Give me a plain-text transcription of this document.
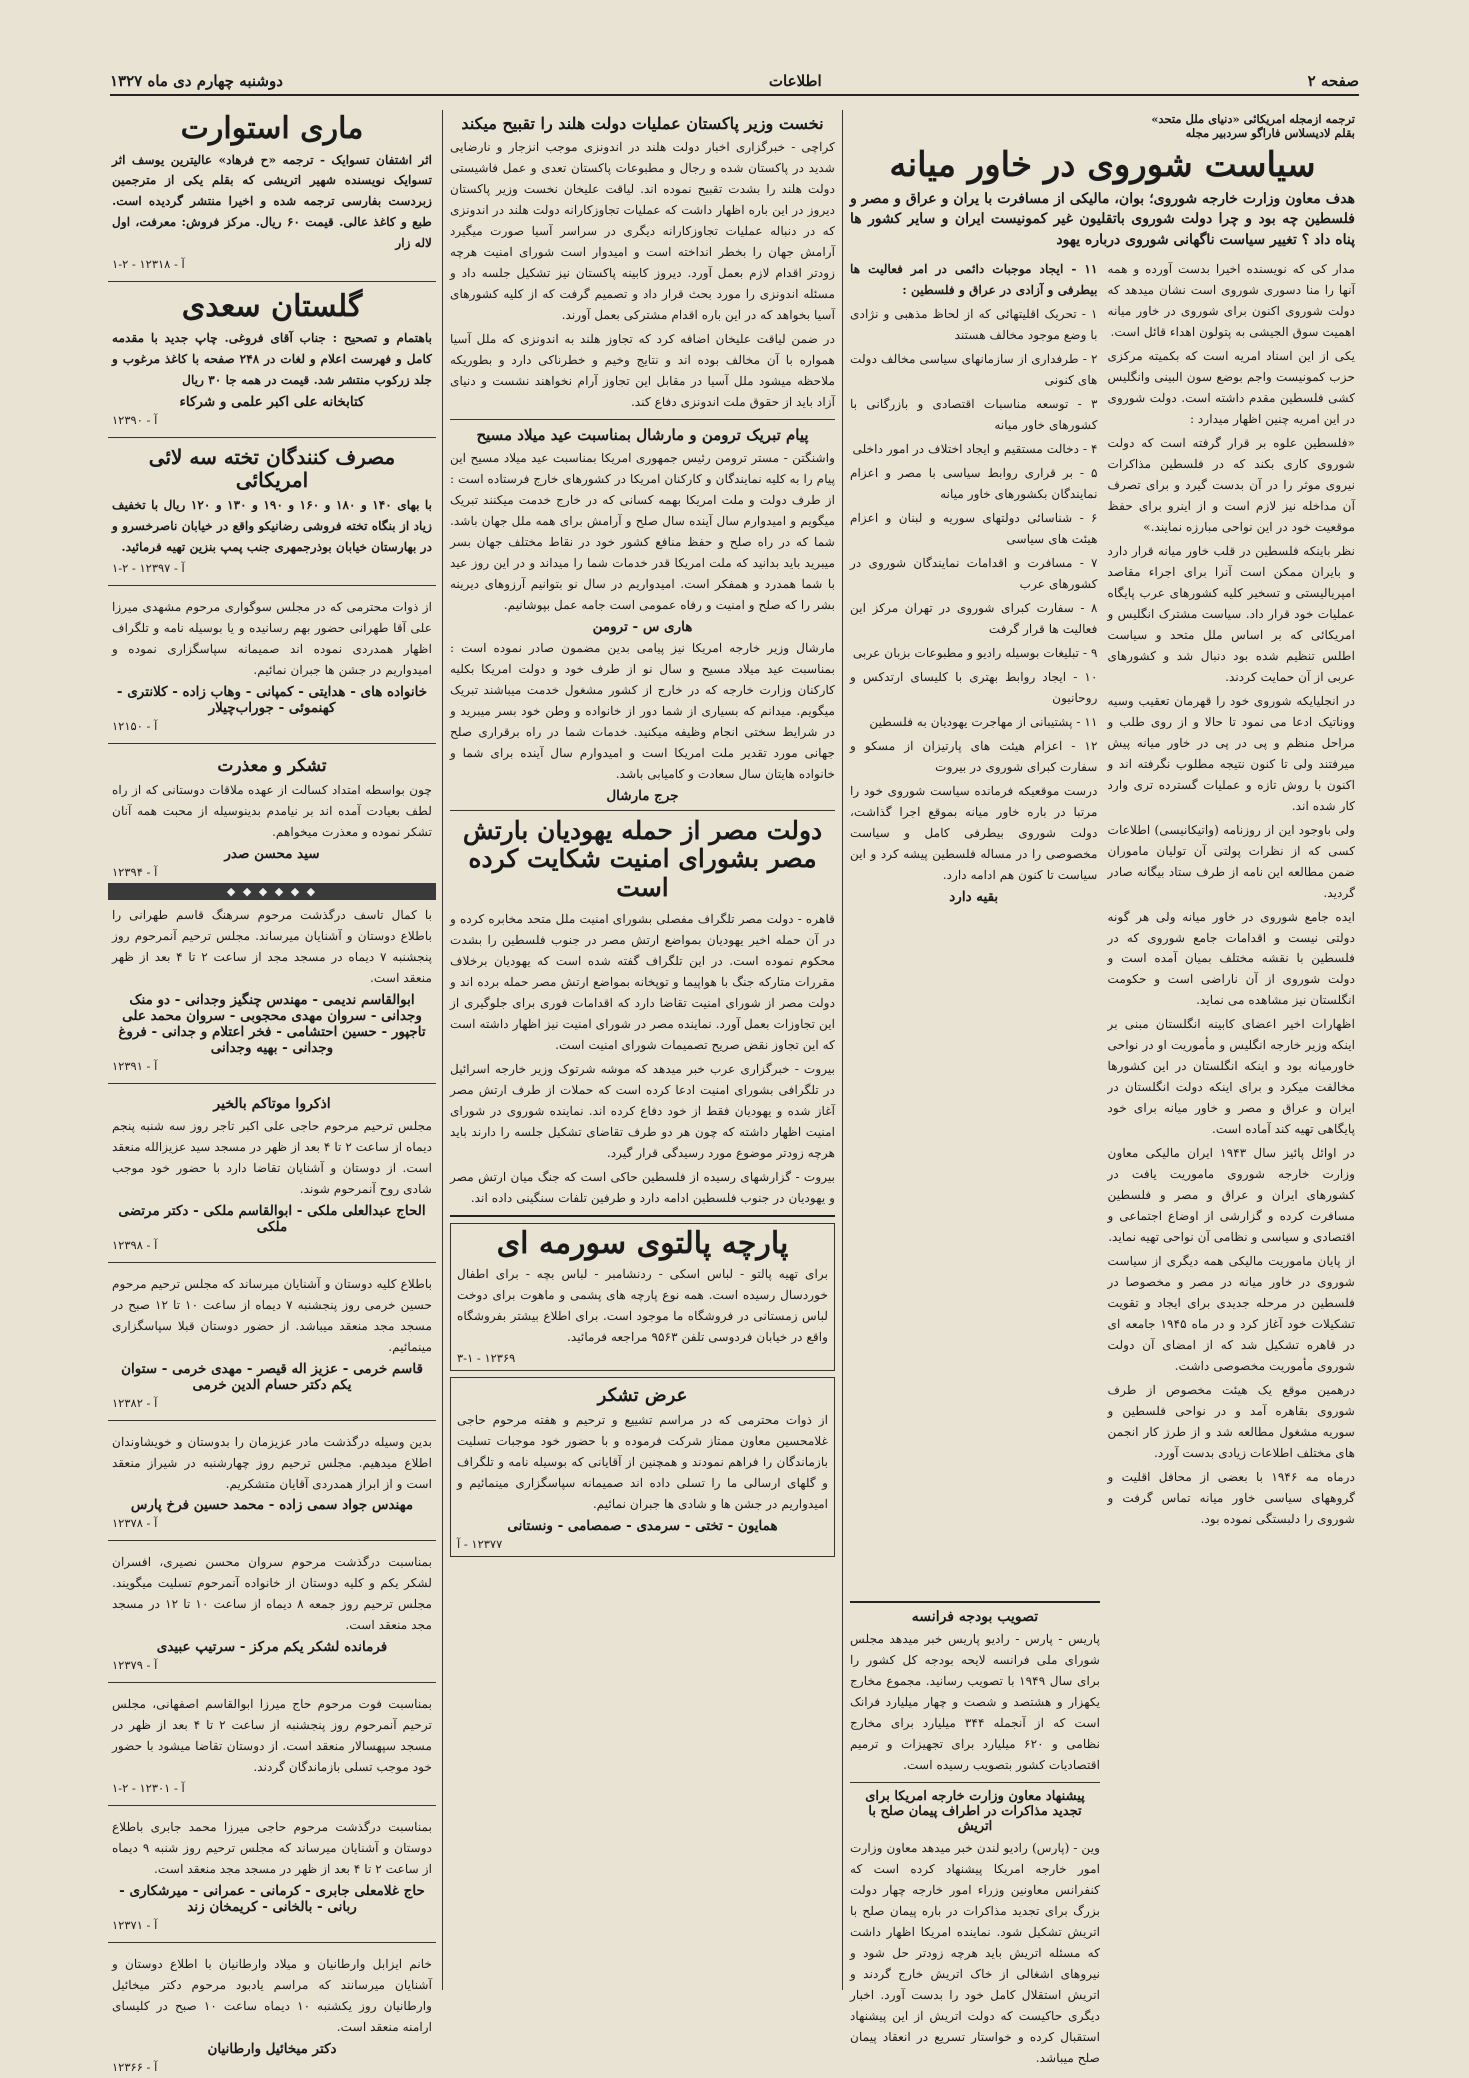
صفحه ۲
اطلاعات
دوشنبه چهارم دی ماه ۱۳۲۷
ترجمه ازمجله امریکائی «دنیای ملل متحد»
بقلم لادیسلاس فاراگو سردبیر مجله
سیاست شوروی در خاور میانه
هدف معاون وزارت خارجه شوروی؛ بوان، مالیکی از مسافرت با یران و عراق و مصر و فلسطین چه بود و چرا دولت شوروی باتقلیون غیر کمونیست ایران و سایر کشور ها پناه داد ؟ تغییر سیاست ناگهانی شوروی درباره یهود

مدار کی که نویسنده اخیرا بدست آورده و همه آنها را منا دسوری شوروی است نشان میدهد که دولت شوروی اکنون برای شوروی در خاور میانه اهمیت سوق الجیشی به پتولون اهداء قائل است.

یکی از این اسناد امریه است که بکمیته مرکزی حزب کمونیست واجم بوضع سون البینی وانگلیس کشی فلسطین مقدم داشته است. دولت شوروی در این امریه چنین اظهار میدارد :

«فلسطین علوه بر قرار گرفته است که دولت شوروی کاری بکند که در فلسطین مذاکرات نیروی موثر را در آن بدست گیرد و برای تصرف آن مداخله نیز لازم است و از اینرو برای حفظ موقعیت خود در این نواحی مبارزه نمایند.»

نظر باینکه فلسطین در قلب خاور میانه قرار دارد و بایران ممکن است آنرا برای اجراء مقاصد امپریالیستی و تسخیر کلیه کشورهای عرب پایگاه عملیات خود قرار داد. سیاست مشترک انگلیس و امریکائی که بر اساس ملل متحد و سیاست اطلس تنظیم شده بود دنبال شد و کشورهای عربی از آن حمایت کردند.

در انجلیایکه شوروی خود را قهرمان تعقیب وسیه ووناتیک ادعا می نمود تا حالا و از روی طلب و مراحل منظم و پی در پی در خاور میانه پیش میرفتند ولی تا کنون نتیجه مطلوب نگرفته اند و اکنون با روش تازه و عملیات گسترده تری وارد کار شده اند.

ولی باوجود این از روزنامه (واتیکانیسی) اطلاعات کسی که از نظرات پولتی آن تولیان ماموران ضمن مطالعه این نامه از طرف ستاد بیگانه صادر گردید.

ایده جامع شوروی در خاور میانه ولی هر گونه دولتی نیست و اقدامات جامع شوروی که در فلسطین با نقشه مختلف بمیان آمده است و دولت شوروی از آن ناراضی است و حکومت انگلستان نیز مشاهده می نماید.

اظهارات اخیر اعضای کابینه انگلستان مبنی بر اینکه وزیر خارجه انگلیس و مأموریت او در نواحی خاورمیانه بود و اینکه انگلستان در این کشورها مخالفت میکرد و برای اینکه دولت انگلستان در ایران و عراق و مصر و خاور میانه برای خود پایگاهی تهیه کند آماده است.

در اوائل پائیز سال ۱۹۴۳ ایران مالیکی معاون وزارت خارجه شوروی ماموریت یافت در کشورهای ایران و عراق و مصر و فلسطین مسافرت کرده و گزارشی از اوضاع اجتماعی و اقتصادی و سیاسی و نظامی آن نواحی تهیه نماید.

از پایان ماموریت مالیکی همه دیگری از سیاست شوروی در خاور میانه در مصر و مخصوصا در فلسطین در مرحله جدیدی برای ایجاد و تقویت تشکیلات خود آغاز کرد و در ماه ۱۹۴۵ جامعه ای در قاهره تشکیل شد که از امضای آن دولت شوروی مأموریت مخصوصی داشت.

درهمین موقع یک هیئت مخصوص از طرف شوروی بقاهره آمد و در نواحی فلسطین و سوریه مشغول مطالعه شد و از طرز کار انجمن های مختلف اطلاعات زیادی بدست آورد.

درماه مه ۱۹۴۶ با بعضی از محافل اقلیت و گروههای سیاسی خاور میانه تماس گرفت و شوروی را دلبستگی نموده بود.

۱۱ - ایجاد موجبات دائمی در امر فعالیت ها بیطرفی و آزادی در عراق و فلسطین :

۱ - تحریک اقلیتهائی که از لحاظ مذهبی و نژادی با وضع موجود مخالف هستند

۲ - طرفداری از سازمانهای سیاسی مخالف دولت های کنونی

۳ - توسعه مناسبات اقتصادی و بازرگانی با کشورهای خاور میانه

۴ - دخالت مستقیم و ایجاد اختلاف در امور داخلی

۵ - بر قراری روابط سیاسی با مصر و اعزام نمایندگان بکشورهای خاور میانه

۶ - شناسائی دولتهای سوریه و لبنان و اعزام هیئت های سیاسی

۷ - مسافرت و اقدامات نمایندگان شوروی در کشورهای عرب

۸ - سفارت کبرای شوروی در تهران مرکز این فعالیت ها قرار گرفت

۹ - تبلیغات بوسیله رادیو و مطبوعات بزبان عربی

۱۰ - ایجاد روابط بهتری با کلیسای ارتدکس و روحانیون

۱۱ - پشتیبانی از مهاجرت یهودیان به فلسطین

۱۲ - اعزام هیئت های پارتیزان از مسکو و سفارت کبرای شوروی در بیروت

درست موقعیکه فرمانده سیاست شوروی خود را مرتبا در باره خاور میانه بموقع اجرا گذاشت، دولت شوروی بیطرفی کامل و سیاست مخصوصی را در مساله فلسطین پیشه کرد و این سیاست تا کنون هم ادامه دارد.

بقیه دارد
تصویب بودجه فرانسه

پاریس - پارس - رادیو پاریس خبر میدهد مجلس شورای ملی فرانسه لایحه بودجه کل کشور را برای سال ۱۹۴۹ با تصویب رسانید. مجموع مخارج یکهزار و هشتصد و شصت و چهار میلیارد فرانک است که از آنجمله ۳۴۴ میلیارد برای مخارج نظامی و ۶۲۰ میلیارد برای تجهیزات و ترمیم اقتصادیات کشور بتصویب رسیده است.

پیشنهاد معاون وزارت خارجه امریکا برای تجدید مذاکرات در اطراف پیمان صلح با اتریش

وین - (پارس) رادیو لندن خبر میدهد معاون وزارت امور خارجه امریکا پیشنهاد کرده است که کنفرانس معاونین وزراء امور خارجه چهار دولت بزرگ برای تجدید مذاکرات در باره پیمان صلح با اتریش تشکیل شود. نماینده امریکا اظهار داشت که مسئله اتریش باید هرچه زودتر حل شود و نیروهای اشغالی از خاک اتریش خارج گردند و اتریش استقلال کامل خود را بدست آورد. اخبار دیگری حاکیست که دولت اتریش از این پیشنهاد استقبال کرده و خواستار تسریع در انعقاد پیمان صلح میباشد.

نخست وزیر پاکستان عملیات دولت هلند را تقبیح میکند

کراچی - خبرگزاری اخبار دولت هلند در اندونزی موجب انزجار و نارضایی شدید در پاکستان شده و رجال و مطبوعات پاکستان تعدی و عمل فاشیستی دولت هلند را بشدت تقبیح نموده اند. لیاقت علیخان نخست وزیر پاکستان دیروز در این باره اظهار داشت که عملیات تجاوزکارانه دولت هلند در اندونزی که در دنباله عملیات تجاوزکارانه دیگری در سراسر آسیا صورت میگیرد آرامش جهان را بخطر انداخته است و امیدوار است شورای امنیت هرچه زودتر اقدام لازم بعمل آورد. دیروز کابینه پاکستان نیز تشکیل جلسه داد و مسئله اندونزی را مورد بحث قرار داد و تصمیم گرفت که از کلیه کشورهای آسیا بخواهد که در این باره اقدام مشترکی بعمل آورند.

در ضمن لیاقت علیخان اضافه کرد که تجاوز هلند به اندونزی که ملل آسیا همواره با آن مخالف بوده اند و نتایج وخیم و خطرناکی دارد و بطوریکه ملاحظه میشود ملل آسیا در مقابل این تجاوز آرام نخواهند نشست و دنیای آزاد باید از حقوق ملت اندونزی دفاع کند.

پیام تبریک ترومن و مارشال بمناسبت عید میلاد مسیح

واشنگتن - مستر ترومن رئیس جمهوری امریکا بمناسبت عید میلاد مسیح این پیام را به کلیه نمایندگان و کارکنان امریکا در کشورهای خارج فرستاده است : از طرف دولت و ملت امریکا بهمه کسانی که در خارج خدمت میکنند تبریک میگویم و امیدوارم سال آینده سال صلح و آرامش برای همه ملل جهان باشد. شما که در راه صلح و حفظ منافع کشور خود در نقاط مختلف جهان بسر میبرید باید بدانید که ملت امریکا قدر خدمات شما را میداند و در این روز عید با شما همدرد و همفکر است. امیدواریم در سال نو بتوانیم آرزوهای دیرینه بشر را که صلح و امنیت و رفاه عمومی است جامه عمل بپوشانیم.

هاری س - ترومن

مارشال وزیر خارجه امریکا نیز پیامی بدین مضمون صادر نموده است : بمناسبت عید میلاد مسیح و سال نو از طرف خود و دولت امریکا بکلیه کارکنان وزارت خارجه که در خارج از کشور مشغول خدمت میباشند تبریک میگویم. میدانم که بسیاری از شما دور از خانواده و وطن خود بسر میبرید و در شرایط سختی انجام وظیفه میکنید. خدمات شما در راه برقراری صلح جهانی مورد تقدیر ملت امریکا است و امیدوارم سال آینده برای شما و خانواده هایتان سال سعادت و کامیابی باشد.

جرج مارشال
دولت مصر از حمله یهودیان بارتش مصر بشورای امنیت شکایت کرده است

قاهره - دولت مصر تلگراف مفصلی بشورای امنیت ملل متحد مخابره کرده و در آن حمله اخیر یهودیان بمواضع ارتش مصر در جنوب فلسطین را بشدت محکوم نموده است. در این تلگراف گفته شده است که یهودیان برخلاف مقررات متارکه جنگ با هواپیما و توپخانه بمواضع ارتش مصر حمله برده اند و دولت مصر از شورای امنیت تقاضا دارد که اقدامات فوری برای جلوگیری از این تجاوزات بعمل آورد. نماینده مصر در شورای امنیت نیز اظهار داشته است که این تجاوز نقض صریح تصمیمات شورای امنیت است.

بیروت - خبرگزاری عرب خبر میدهد که موشه شرتوک وزیر خارجه اسرائیل در تلگرافی بشورای امنیت ادعا کرده است که حملات از طرف ارتش مصر آغاز شده و یهودیان فقط از خود دفاع کرده اند. نماینده شوروی در شورای امنیت اظهار داشته که چون هر دو طرف تقاضای تشکیل جلسه را دارند باید هرچه زودتر موضوع مورد رسیدگی قرار گیرد.

بیروت - گزارشهای رسیده از فلسطین حاکی است که جنگ میان ارتش مصر و یهودیان در جنوب فلسطین ادامه دارد و طرفین تلفات سنگینی داده اند.

پارچه پالتوی سورمه ای

برای تهیه پالتو - لباس اسکی - ردنشامبر - لباس بچه - برای اطفال خوردسال رسیده است. همه نوع پارچه های پشمی و ماهوت برای دوخت لباس زمستانی در فروشگاه ما موجود است. برای اطلاع بیشتر بفروشگاه واقع در خیابان فردوسی تلفن ۹۵۶۳ مراجعه فرمائید.

۱۲۳۶۹ - ۳-۱
عرض تشکر

از ذوات محترمی که در مراسم تشییع و ترحیم و هفته مرحوم حاجی غلامحسین معاون ممتاز شرکت فرموده و با حضور خود موجبات تسلیت بازماندگان را فراهم نمودند و همچنین از آقایانی که بوسیله نامه و تلگراف و گلهای ارسالی ما را تسلی داده اند صمیمانه سپاسگزاری مینمائیم و امیدواریم در جشن ها و شادی ها جبران نمائیم.

همایون - تختی - سرمدی - صمصامی - ونستانی
۱۲۳۷۷ - آ
ماری استوارت

اثر اشتفان تسوایک - ترجمه «ح فرهاد» عالیترین یوسف اثر تسوایک نویسنده شهیر اتریشی که بقلم یکی از مترجمین زبردست بفارسی ترجمه شده و اخیرا منتشر گردیده است. طبع و کاغذ عالی. قیمت ۶۰ ریال. مرکز فروش: معرفت، اول لاله زار

آ - ۱۲۳۱۸ - ۲-۱
گلستان سعدی

باهتمام و تصحیح : جناب آقای فروغی. چاپ جدید با مقدمه کامل و فهرست اعلام و لغات در ۲۴۸ صفحه با کاغذ مرغوب و جلد زرکوب منتشر شد. قیمت در همه جا ۳۰ ریال

کتابخانه علی اکبر علمی و شرکاء
آ - ۱۲۳۹۰
مصرف کنندگان تخته سه لائی امریکائی

با بهای ۱۴۰ و ۱۸۰ و ۱۶۰ و ۱۹۰ و ۱۳۰ و ۱۲۰ ریال با تخفیف زیاد از بنگاه تخته فروشی رضانیکو واقع در خیابان ناصرخسرو و در بهارستان خیابان بوذرجمهری جنب پمپ بنزین تهیه فرمائید.

آ - ۱۲۳۹۷ - ۲-۱

از ذوات محترمی که در مجلس سوگواری مرحوم مشهدی میرزا علی آقا طهرانی حضور بهم رسانیده و یا بوسیله نامه و تلگراف اظهار همدردی نموده اند صمیمانه سپاسگزاری نموده و امیدواریم در جشن ها جبران نمائیم.

خانواده های - هدایتی - کمپانی - وهاب زاده - کلانتری - کهنموئی - جوراب‌چیلار
آ - ۱۲۱۵۰
تشکر و معذرت

چون بواسطه امتداد کسالت از عهده ملاقات دوستانی که از راه لطف بعیادت آمده اند بر نیامدم بدینوسیله از محبت همه آنان تشکر نموده و معذرت میخواهم.

سید محسن صدر
آ - ۱۲۳۹۴
◆ ◆ ◆ ◆ ◆ ◆

با کمال تاسف درگذشت مرحوم سرهنگ قاسم طهرانی را باطلاع دوستان و آشنایان میرساند. مجلس ترحیم آنمرحوم روز پنجشنبه ۷ دیماه در مسجد مجد از ساعت ۲ تا ۴ بعد از ظهر منعقد است.

ابوالقاسم ندیمی - مهندس چنگیز وجدانی - دو منک وجدانی - سروان مهدی محجوبی - سروان محمد علی تاجپور - حسین احتشامی - فخر اعتلام و جدانی - فروغ وجدانی - بهیه وجدانی
آ - ۱۲۳۹۱
اذکروا موتاکم بالخیر

مجلس ترحیم مرحوم حاجی علی اکبر تاجر روز سه شنبه پنجم دیماه از ساعت ۲ تا ۴ بعد از ظهر در مسجد سید عزیزالله منعقد است. از دوستان و آشنایان تقاضا دارد با حضور خود موجب شادی روح آنمرحوم شوند.

الحاج عبدالعلی ملکی - ابوالقاسم ملکی - دکتر مرتضی ملکی
آ - ۱۲۳۹۸

باطلاع کلیه دوستان و آشنایان میرساند که مجلس ترحیم مرحوم حسین خرمی روز پنجشنبه ۷ دیماه از ساعت ۱۰ تا ۱۲ صبح در مسجد مجد منعقد میباشد. از حضور دوستان قبلا سپاسگزاری مینمائیم.

قاسم خرمی - عزیز اله قیصر - مهدی خرمی - ستوان یکم دکتر حسام الدین خرمی
آ - ۱۲۳۸۲

بدین وسیله درگذشت مادر عزیزمان را بدوستان و خویشاوندان اطلاع میدهیم. مجلس ترحیم روز چهارشنبه در شیراز منعقد است و از ابراز همدردی آقایان متشکریم.

مهندس جواد سمی زاده - محمد حسین فرخ پارس
آ - ۱۲۳۷۸

بمناسبت درگذشت مرحوم سروان محسن نصیری، افسران لشکر یکم و کلیه دوستان از خانواده آنمرحوم تسلیت میگویند. مجلس ترحیم روز جمعه ۸ دیماه از ساعت ۱۰ تا ۱۲ در مسجد مجد منعقد است.

فرمانده لشکر یکم مرکز - سرتیپ عبیدی
آ - ۱۲۳۷۹

بمناسبت فوت مرحوم حاج میرزا ابوالقاسم اصفهانی، مجلس ترحیم آنمرحوم روز پنجشنبه از ساعت ۲ تا ۴ بعد از ظهر در مسجد سپهسالار منعقد است. از دوستان تقاضا میشود با حضور خود موجب تسلی بازماندگان گردند.

آ - ۱۲۳۰۱ - ۲-۱

بمناسبت درگذشت مرحوم حاجی میرزا محمد جابری باطلاع دوستان و آشنایان میرساند که مجلس ترحیم روز شنبه ۹ دیماه از ساعت ۲ تا ۴ بعد از ظهر در مسجد مجد منعقد است.

حاج غلامعلی جابری - کرمانی - عمرانی - میرشکاری - ربانی - بالخانی - کریمخان زند
آ - ۱۲۳۷۱

خانم ایزابل وارطانیان و میلاد وارطانیان با اطلاع دوستان و آشنایان میرسانند که مراسم یادبود مرحوم دکتر میخائیل وارطانیان روز یکشنبه ۱۰ دیماه ساعت ۱۰ صبح در کلیسای ارامنه منعقد است.

دکتر میخائیل وارطانیان
آ - ۱۲۳۶۶
